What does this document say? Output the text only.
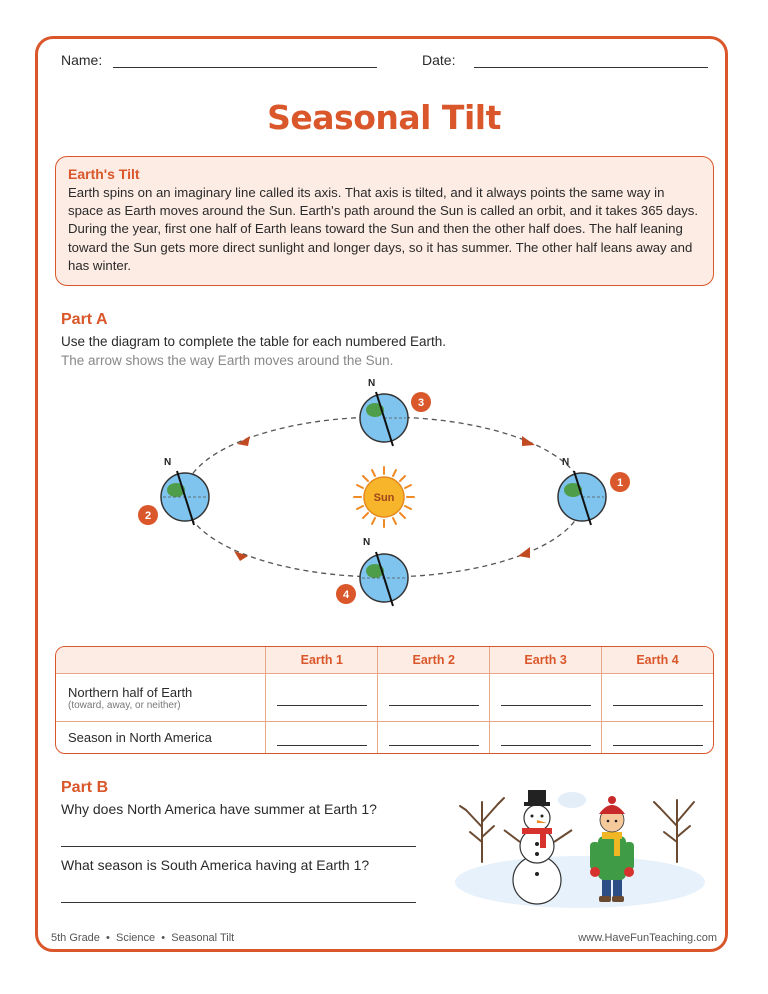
Name:	Date:
Seasonal Tilt
Earth's Tilt

Earth spins on an imaginary line called its axis. That axis is tilted, and it always points the same way in space as Earth moves around the Sun. Earth's path around the Sun is called an orbit, and it takes 365 days. During the year, first one half of Earth leans toward the Sun and then the other half does. The half leaning toward the Sun gets more direct sunlight and longer days, so it has summer. The other half leans away and has winter.

Part A
Use the diagram to complete the table for each numbered Earth.
The arrow shows the way Earth moves around the Sun.
Sun
N
3
N
1
N
2
N
4
	Earth 1	Earth 2	Earth 3	Earth 4

Northern half of Earth
(toward, away, or neither)				

Season in North America				

Part B
Why does North America have summer at Earth 1?
What season is South America having at Earth 1?
5th Grade  •  Science  •  Seasonal Tilt	www.HaveFunTeaching.com
